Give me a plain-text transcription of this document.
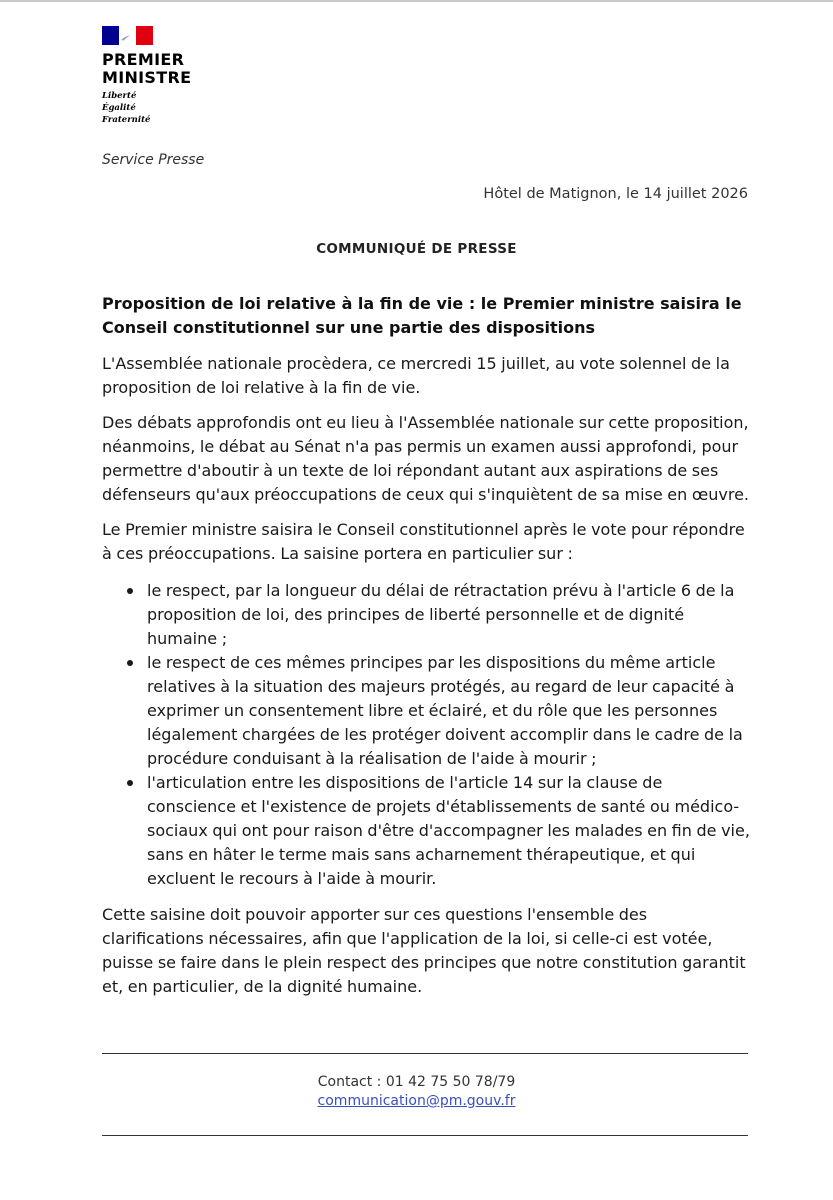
PREMIER
MINISTRE
Liberté
Égalité
Fraternité
Service Presse
Hôtel de Matignon, le 14 juillet 2026
COMMUNIQUÉ DE PRESSE
Proposition de loi relative à la fin de vie : le Premier ministre saisira le Conseil constitutionnel sur une partie des dispositions

L'Assemblée nationale procèdera, ce mercredi 15 juillet, au vote solennel de la proposition de loi relative à la fin de vie.

Des débats approfondis ont eu lieu à l'Assemblée nationale sur cette proposition, néanmoins, le débat au Sénat n'a pas permis un examen aussi approfondi, pour permettre d'aboutir à un texte de loi répondant autant aux aspirations de ses défenseurs qu'aux préoccupations de ceux qui s'inquiètent de sa mise en œuvre.

Le Premier ministre saisira le Conseil constitutionnel après le vote pour répondre à ces préoccupations. La saisine portera en particulier sur :

le respect, par la longueur du délai de rétractation prévu à l'article 6 de la proposition de loi, des principes de liberté personnelle et de dignité humaine ;
le respect de ces mêmes principes par les dispositions du même article relatives à la situation des majeurs protégés, au regard de leur capacité à exprimer un consentement libre et éclairé, et du rôle que les personnes légalement chargées de les protéger doivent accomplir dans le cadre de la procédure conduisant à la réalisation de l'aide à mourir ;
l'articulation entre les dispositions de l'article 14 sur la clause de conscience et l'existence de projets d'établissements de santé ou médico-sociaux qui ont pour raison d'être d'accompagner les malades en fin de vie, sans en hâter le terme mais sans acharnement thérapeutique, et qui excluent le recours à l'aide à mourir.

Cette saisine doit pouvoir apporter sur ces questions l'ensemble des clarifications nécessaires, afin que l'application de la loi, si celle-ci est votée, puisse se faire dans le plein respect des principes que notre constitution garantit et, en particulier, de la dignité humaine.

Contact : 01 42 75 50 78/79
communication@pm.gouv.fr
